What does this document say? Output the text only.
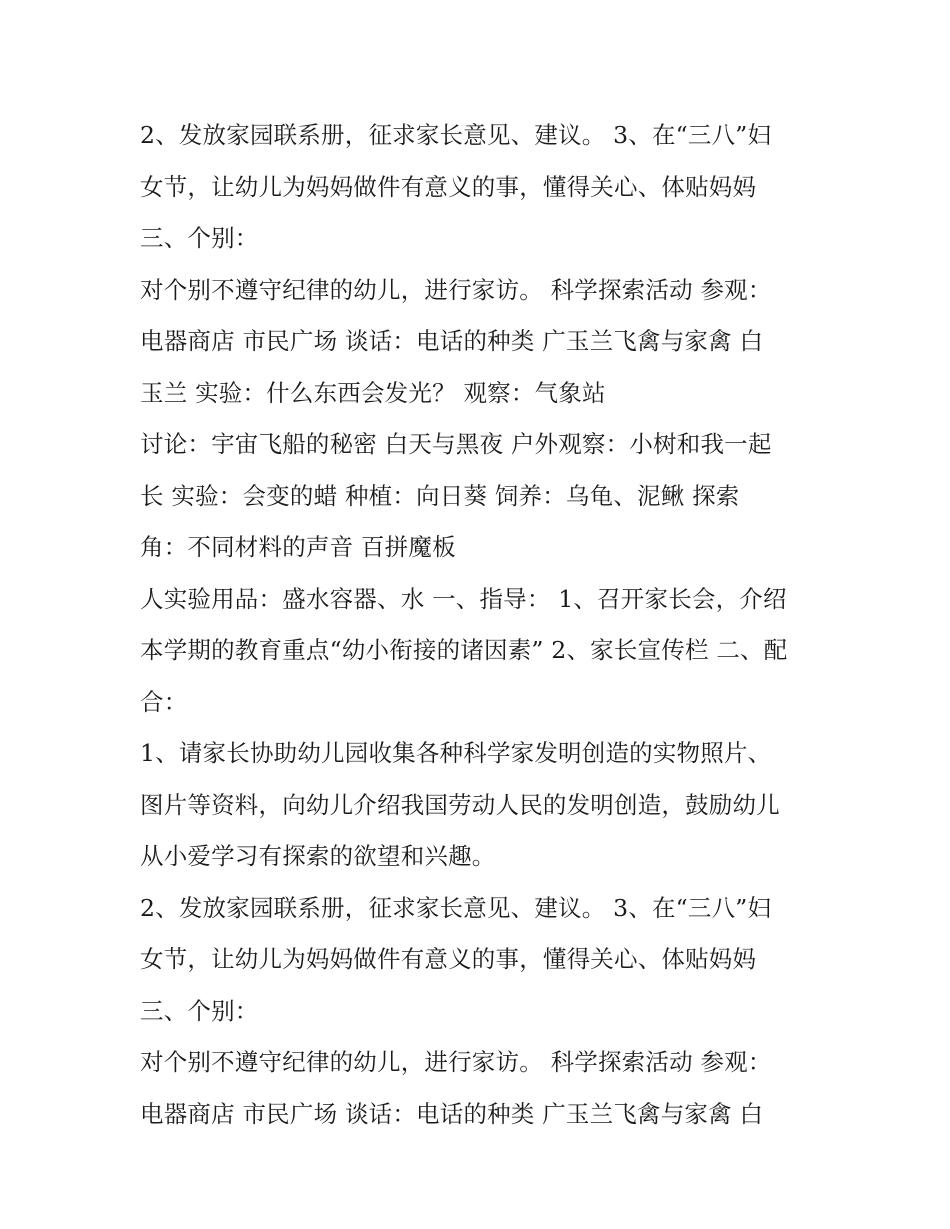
2、发放家园联系册，征求家长意见、建议。 3、在“三八”妇
女节，让幼儿为妈妈做件有意义的事，懂得关心、体贴妈妈
三、个别：
对个别不遵守纪律的幼儿，进行家访。 科学探索活动 参观：
电器商店 市民广场 谈话：电话的种类 广玉兰飞禽与家禽 白
玉兰 实验：什么东西会发光？ 观察：气象站
讨论：宇宙飞船的秘密 白天与黑夜 户外观察：小树和我一起
长 实验：会变的蜡 种植：向日葵 饲养：乌龟、泥鳅 探索
角：不同材料的声音 百拼魔板
人实验用品：盛水容器、水 一、指导： 1、召开家长会，介绍
本学期的教育重点“幼小衔接的诸因素” 2、家长宣传栏 二、配
合：
1、请家长协助幼儿园收集各种科学家发明创造的实物照片、
图片等资料，向幼儿介绍我国劳动人民的发明创造，鼓励幼儿
从小爱学习有探索的欲望和兴趣。
2、发放家园联系册，征求家长意见、建议。 3、在“三八”妇
女节，让幼儿为妈妈做件有意义的事，懂得关心、体贴妈妈
三、个别：
对个别不遵守纪律的幼儿，进行家访。 科学探索活动 参观：
电器商店 市民广场 谈话：电话的种类 广玉兰飞禽与家禽 白
